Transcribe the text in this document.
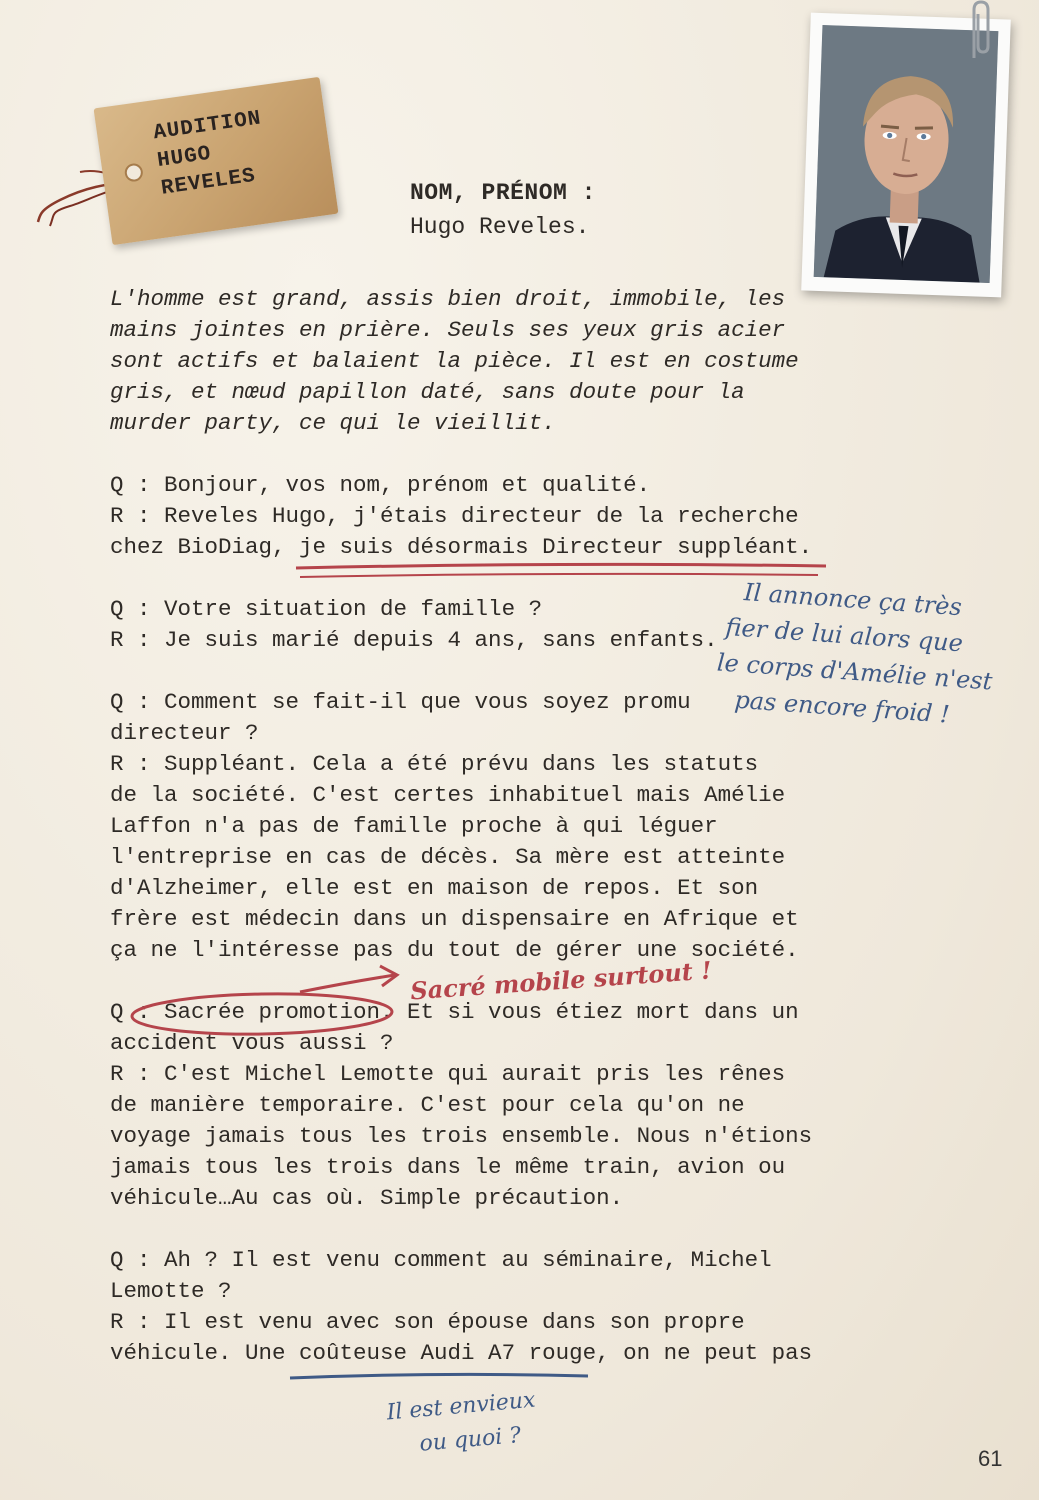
AUDITION
HUGO
REVELES	NOM, PRÉNOM :
Hugo Reveles.
L'homme est grand, assis bien droit, immobile, les
mains jointes en prière. Seuls ses yeux gris acier
sont actifs et balaient la pièce. Il est en costume
gris, et nœud papillon daté, sans doute pour la
murder party, ce qui le vieillit.
Q : Bonjour, vos nom, prénom et qualité.
R : Reveles Hugo, j'étais directeur de la recherche
chez BioDiag, je suis désormais Directeur suppléant.
Q : Votre situation de famille ?
R : Je suis marié depuis 4 ans, sans enfants.
Q : Comment se fait-il que vous soyez promu
directeur ?
R : Suppléant. Cela a été prévu dans les statuts
de la société. C'est certes inhabituel mais Amélie
Laffon n'a pas de famille proche à qui léguer
l'entreprise en cas de décès. Sa mère est atteinte
d'Alzheimer, elle est en maison de repos. Et son
frère est médecin dans un dispensaire en Afrique et
ça ne l'intéresse pas du tout de gérer une société.
Q : Sacrée promotion. Et si vous étiez mort dans un
accident vous aussi ?
R : C'est Michel Lemotte qui aurait pris les rênes
de manière temporaire. C'est pour cela qu'on ne
voyage jamais tous les trois ensemble. Nous n'étions
jamais tous les trois dans le même train, avion ou
véhicule…Au cas où. Simple précaution.
Q : Ah ? Il est venu comment au séminaire, Michel
Lemotte ?
R : Il est venu avec son épouse dans son propre
véhicule. Une coûteuse Audi A7 rouge, on ne peut pas
Il annonce ça très
fier de lui alors que
le corps d'Amélie n'est
pas encore froid !
Sacré mobile surtout !
Il est envieux
ou quoi ?
61
